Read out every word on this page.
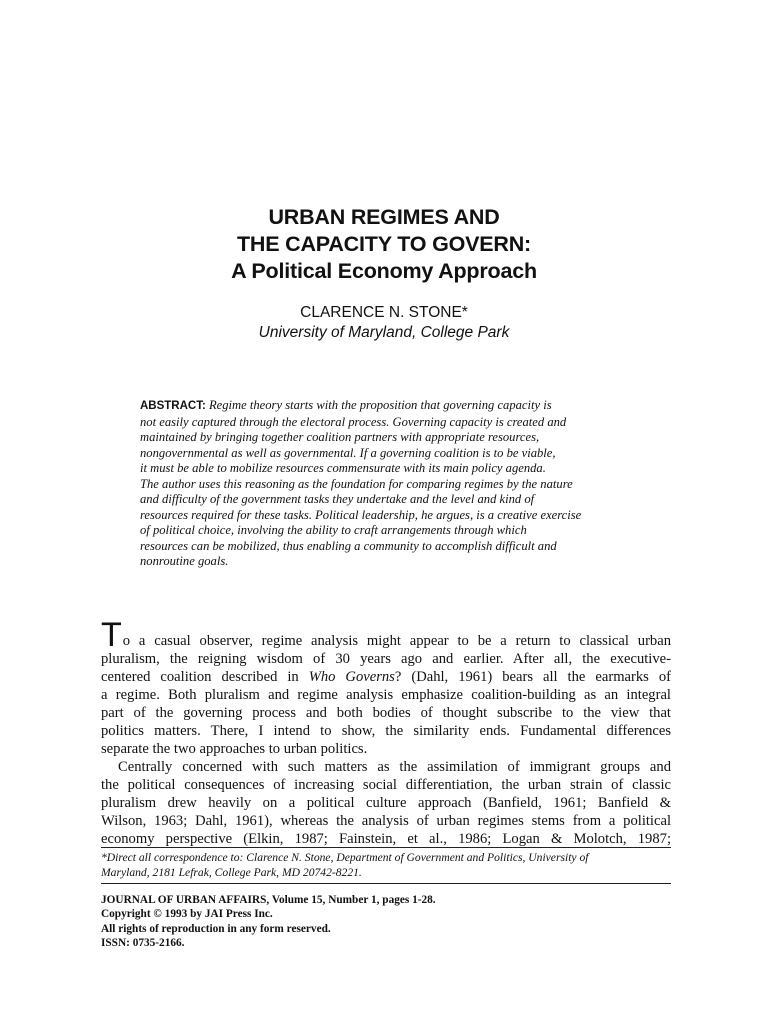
URBAN REGIMES AND
THE CAPACITY TO GOVERN:
A Political Economy Approach
CLARENCE N. STONE*
University of Maryland, College Park
ABSTRACT: Regime theory starts with the proposition that governing capacity is
not easily captured through the electoral process. Governing capacity is created and
maintained by bringing together coalition partners with appropriate resources,
nongovernmental as well as governmental. If a governing coalition is to be viable,
it must be able to mobilize resources commensurate with its main policy agenda.
The author uses this reasoning as the foundation for comparing regimes by the nature
and difficulty of the government tasks they undertake and the level and kind of
resources required for these tasks. Political leadership, he argues, is a creative exercise
of political choice, involving the ability to craft arrangements through which
resources can be mobilized, thus enabling a community to accomplish difficult and
nonroutine goals.
To a casual observer, regime analysis might appear to be a return to classical urban
pluralism, the reigning wisdom of 30 years ago and earlier. After all, the executive-
centered coalition described in Who Governs? (Dahl, 1961) bears all the earmarks of
a regime. Both pluralism and regime analysis emphasize coalition-building as an integral
part of the governing process and both bodies of thought subscribe to the view that
politics matters. There, I intend to show, the similarity ends. Fundamental differences
separate the two approaches to urban politics.
Centrally concerned with such matters as the assimilation of immigrant groups and
the political consequences of increasing social differentiation, the urban strain of classic
pluralism drew heavily on a political culture approach (Banfield, 1961; Banfield &
Wilson, 1963; Dahl, 1961), whereas the analysis of urban regimes stems from a political
economy perspective (Elkin, 1987; Fainstein, et al., 1986; Logan & Molotch, 1987;
*Direct all correspondence to: Clarence N. Stone, Department of Government and Politics, University of
Maryland, 2181 Lefrak, College Park, MD 20742-8221.
JOURNAL OF URBAN AFFAIRS, Volume 15, Number 1, pages 1-28.
Copyright © 1993 by JAI Press Inc.
All rights of reproduction in any form reserved.
ISSN: 0735-2166.
